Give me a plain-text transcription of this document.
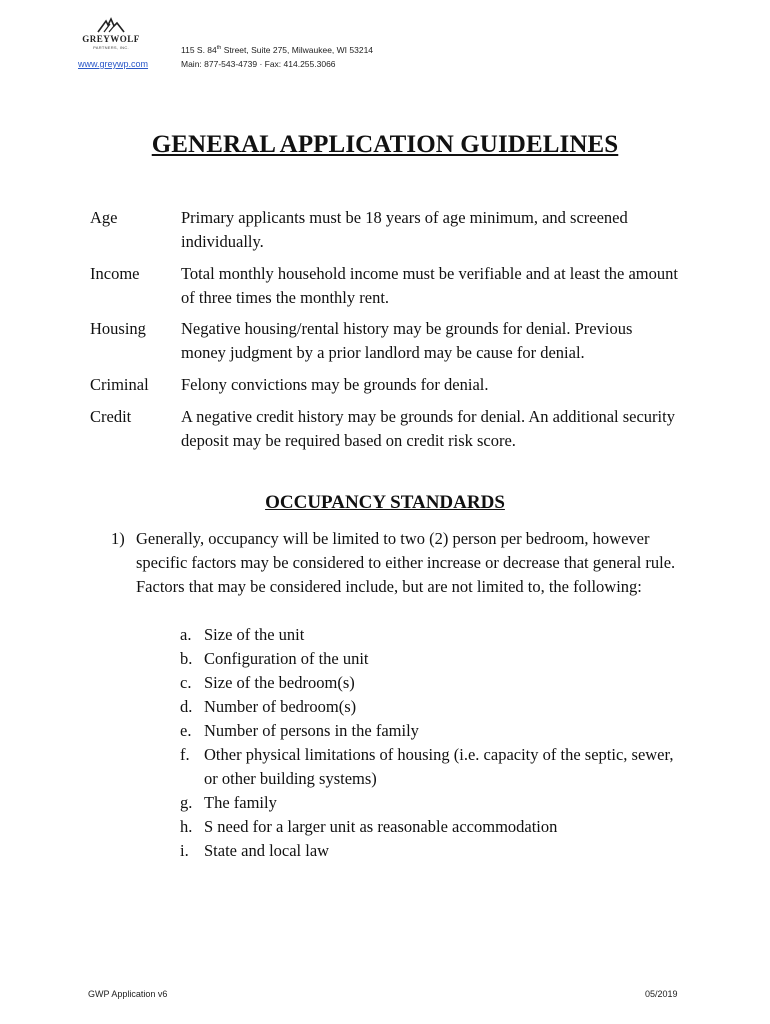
GREYWOLF
PARTNERS, INC.
www.greywp.com
115 S. 84th Street, Suite 275, Milwaukee, WI 53214
Main: 877-543-4739 · Fax: 414.255.3066
GENERAL APPLICATION GUIDELINES
Age	Primary applicants must be 18 years of age minimum, and screened individually.
Income	Total monthly household income must be verifiable and at least the amount of three times the monthly rent.
Housing Negative housing/rental history may be grounds for denial. Previous money judgment by a prior landlord may be cause for denial.
Criminal Felony convictions may be grounds for denial.
Credit	A negative credit history may be grounds for denial. An additional security deposit may be required based on credit risk score.
OCCUPANCY STANDARDS
1) Generally, occupancy will be limited to two (2) person per bedroom, however specific factors may be considered to either increase or decrease that general rule. Factors that may be considered include, but are not limited to, the following:
a. Size of the unit
b. Configuration of the unit
c. Size of the bedroom(s)
d. Number of bedroom(s)
e. Number of persons in the family
f. Other physical limitations of housing (i.e. capacity of the septic, sewer, or other building systems)
g. The family
h. S need for a larger unit as reasonable accommodation
i. State and local law
GWP Application v6	05/2019
